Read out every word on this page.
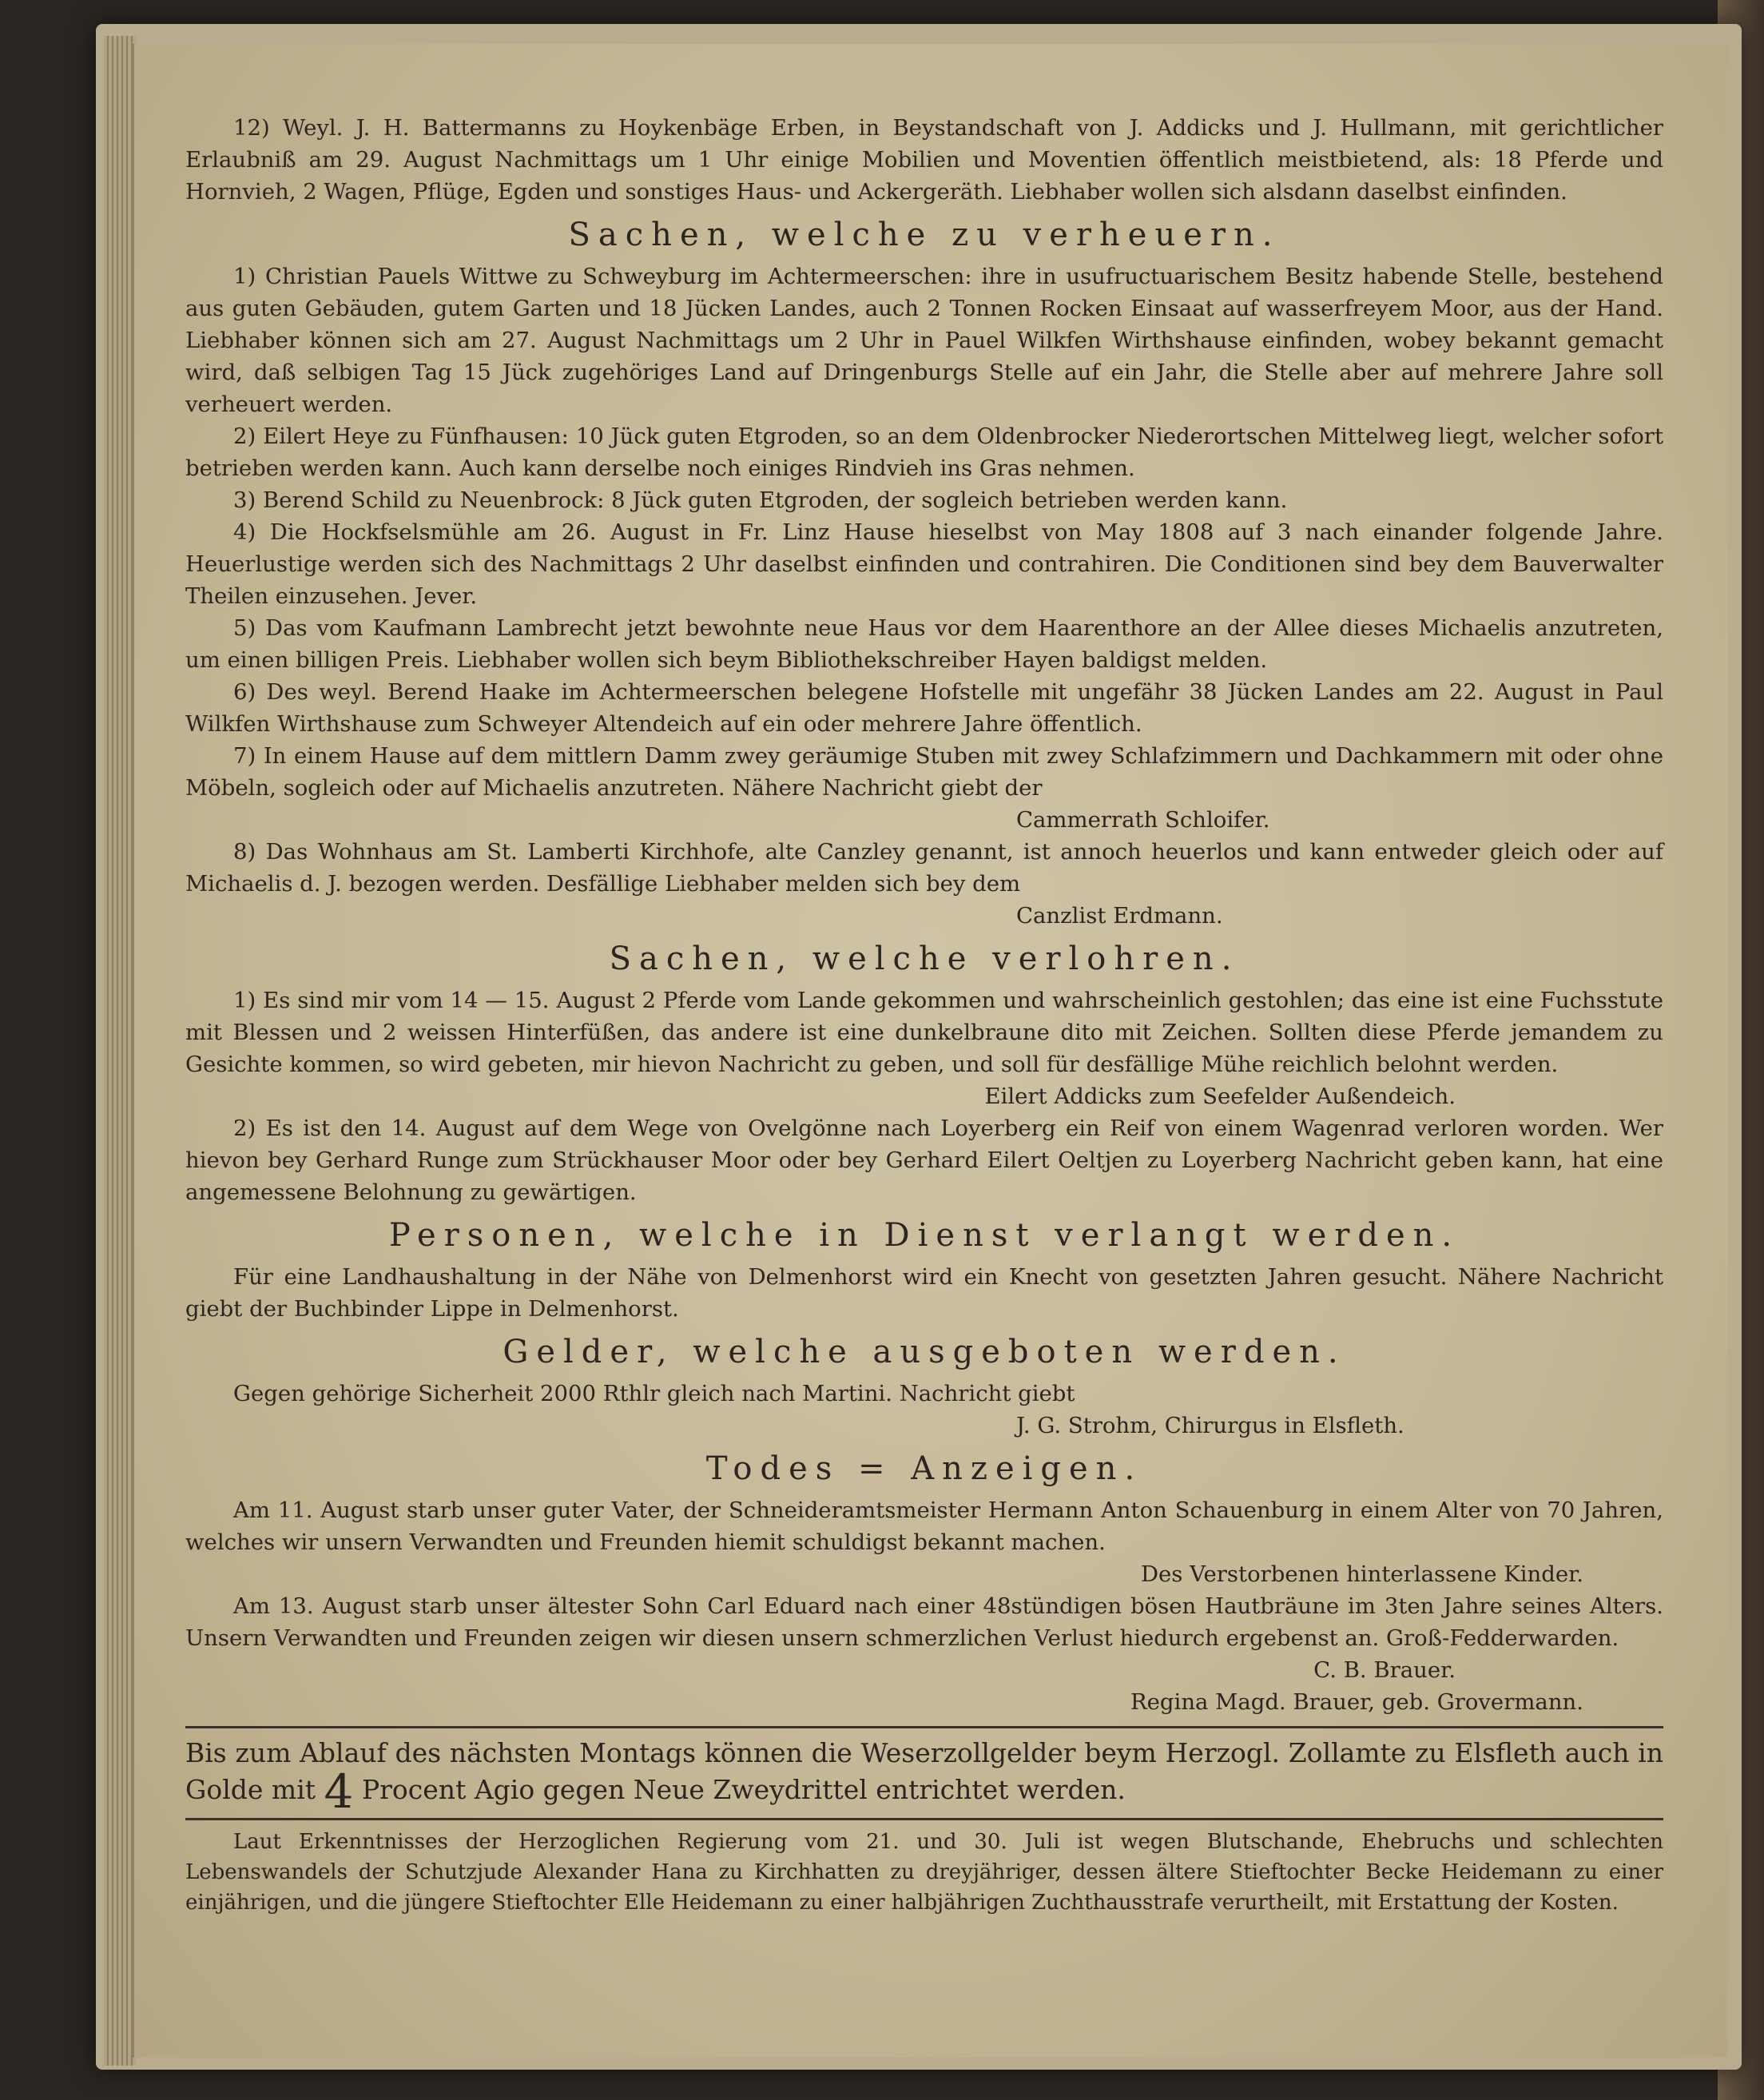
12) Weyl. J. H. Battermanns zu Hoykenbäge Erben, in Beystandschaft von J. Addicks und J. Hullmann, mit gerichtlicher Erlaubniß am 29. August Nachmittags um 1 Uhr einige Mobilien und Moventien öffentlich meistbietend, als: 18 Pferde und Hornvieh, 2 Wagen, Pflüge, Egden und sonstiges Haus- und Ackergeräth. Liebhaber wollen sich alsdann daselbst einfinden.

Sachen, welche zu verheuern.

1) Christian Pauels Wittwe zu Schweyburg im Achtermeerschen: ihre in usufructuarischem Besitz habende Stelle, bestehend aus guten Gebäuden, gutem Garten und 18 Jücken Landes, auch 2 Tonnen Rocken Einsaat auf wasserfreyem Moor, aus der Hand. Liebhaber können sich am 27. August Nachmittags um 2 Uhr in Pauel Wilkfen Wirthshause einfinden, wobey bekannt gemacht wird, daß selbigen Tag 15 Jück zugehöriges Land auf Dringenburgs Stelle auf ein Jahr, die Stelle aber auf mehrere Jahre soll verheuert werden.

2) Eilert Heye zu Fünfhausen: 10 Jück guten Etgroden, so an dem Oldenbrocker Niederortschen Mittelweg liegt, welcher sofort betrieben werden kann. Auch kann derselbe noch einiges Rindvieh ins Gras nehmen.

3) Berend Schild zu Neuenbrock: 8 Jück guten Etgroden, der sogleich betrieben werden kann.

4) Die Hockfselsmühle am 26. August in Fr. Linz Hause hieselbst von May 1808 auf 3 nach einander folgende Jahre. Heuerlustige werden sich des Nachmittags 2 Uhr daselbst einfinden und contrahiren. Die Conditionen sind bey dem Bauverwalter Theilen einzusehen. Jever.

5) Das vom Kaufmann Lambrecht jetzt bewohnte neue Haus vor dem Haarenthore an der Allee dieses Michaelis anzutreten, um einen billigen Preis. Liebhaber wollen sich beym Bibliothekschreiber Hayen baldigst melden.

6) Des weyl. Berend Haake im Achtermeerschen belegene Hofstelle mit ungefähr 38 Jücken Landes am 22. August in Paul Wilkfen Wirthshause zum Schweyer Altendeich auf ein oder mehrere Jahre öffentlich.

7) In einem Hause auf dem mittlern Damm zwey geräumige Stuben mit zwey Schlafzimmern und Dachkammern mit oder ohne Möbeln, sogleich oder auf Michaelis anzutreten. Nähere Nachricht giebt der

Cammerrath Schloifer.

8) Das Wohnhaus am St. Lamberti Kirchhofe, alte Canzley genannt, ist annoch heuerlos und kann entweder gleich oder auf Michaelis d. J. bezogen werden. Desfällige Liebhaber melden sich bey dem

Canzlist Erdmann.

Sachen, welche verlohren.

1) Es sind mir vom 14 — 15. August 2 Pferde vom Lande gekommen und wahrscheinlich gestohlen; das eine ist eine Fuchsstute mit Blessen und 2 weissen Hinterfüßen, das andere ist eine dunkelbraune dito mit Zeichen. Sollten diese Pferde jemandem zu Gesichte kommen, so wird gebeten, mir hievon Nachricht zu geben, und soll für desfällige Mühe reichlich belohnt werden.

Eilert Addicks zum Seefelder Außendeich.

2) Es ist den 14. August auf dem Wege von Ovelgönne nach Loyerberg ein Reif von einem Wagenrad verloren worden. Wer hievon bey Gerhard Runge zum Strückhauser Moor oder bey Gerhard Eilert Oeltjen zu Loyerberg Nachricht geben kann, hat eine angemessene Belohnung zu gewärtigen.

Personen, welche in Dienst verlangt werden.

Für eine Landhaushaltung in der Nähe von Delmenhorst wird ein Knecht von gesetzten Jahren gesucht. Nähere Nachricht giebt der Buchbinder Lippe in Delmenhorst.

Gelder, welche ausgeboten werden.

Gegen gehörige Sicherheit 2000 Rthlr gleich nach Martini. Nachricht giebt

J. G. Strohm, Chirurgus in Elsfleth.

Todes = Anzeigen.

Am 11. August starb unser guter Vater, der Schneideramtsmeister Hermann Anton Schauenburg in einem Alter von 70 Jahren, welches wir unsern Verwandten und Freunden hiemit schuldigst bekannt machen.

Des Verstorbenen hinterlassene Kinder.

Am 13. August starb unser ältester Sohn Carl Eduard nach einer 48stündigen bösen Hautbräune im 3ten Jahre seines Alters. Unsern Verwandten und Freunden zeigen wir diesen unsern schmerzlichen Verlust hiedurch ergebenst an. Groß-Fedderwarden.

C. B. Brauer.

Regina Magd. Brauer, geb. Grovermann.

Bis zum Ablauf des nächsten Montags können die Weserzollgelder beym Herzogl. Zollamte zu Elsfleth auch in Golde mit 4 Procent Agio gegen Neue Zweydrittel entrichtet werden.

Laut Erkenntnisses der Herzoglichen Regierung vom 21. und 30. Juli ist wegen Blutschande, Ehebruchs und schlechten Lebenswandels der Schutzjude Alexander Hana zu Kirchhatten zu dreyjähriger, dessen ältere Stieftochter Becke Heidemann zu einer einjährigen, und die jüngere Stieftochter Elle Heidemann zu einer halbjährigen Zuchthausstrafe verurtheilt, mit Erstattung der Kosten.
